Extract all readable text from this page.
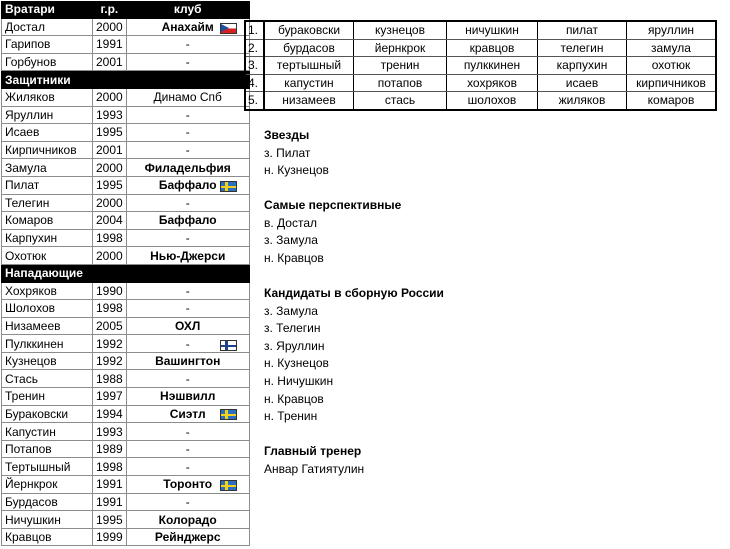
Вратари	г.р.	клуб
Достал	2000	Анахайм
Гарипов	1991	-
Горбунов	2001	-
Защитники		
Жиляков	2000	Динамо Спб
Яруллин	1993	-
Исаев	1995	-
Кирпичников	2001	-
Замула	2000	Филадельфия
Пилат	1995	Баффало
Телегин	2000	-
Комаров	2004	Баффало
Карпухин	1998	-
Охотюк	2000	Нью-Джерси
Нападающие		
Хохряков	1990	-
Шолохов	1998	-
Низамеев	2005	ОХЛ
Пулккинен	1992	-
Кузнецов	1992	Вашингтон
Стась	1988	-
Тренин	1997	Нэшвилл
Бураковски	1994	Сиэтл
Капустин	1993	-
Потапов	1989	-
Тертышный	1998	-
Йернкрок	1991	Торонто
Бурдасов	1991	-
Ничушкин	1995	Колорадо
Кравцов	1999	Рейнджерс
1.	бураковски	кузнецов	ничушкин	пилат	яруллин
2.	бурдасов	йернкрок	кравцов	телегин	замула
3.	тертышный	тренин	пулккинен	карпухин	охотюк
4.	капустин	потапов	хохряков	исаев	кирпичников
5.	низамеев	стась	шолохов	жиляков	комаров
Звезды
з. Пилат
н. Кузнецов
Самые перспективные
в. Достал
з. Замула
н. Кравцов
Кандидаты в сборную России
з. Замула
з. Телегин
з. Яруллин
н. Кузнецов
н. Ничушкин
н. Кравцов
н. Тренин
Главный тренер
Анвар Гатиятулин
